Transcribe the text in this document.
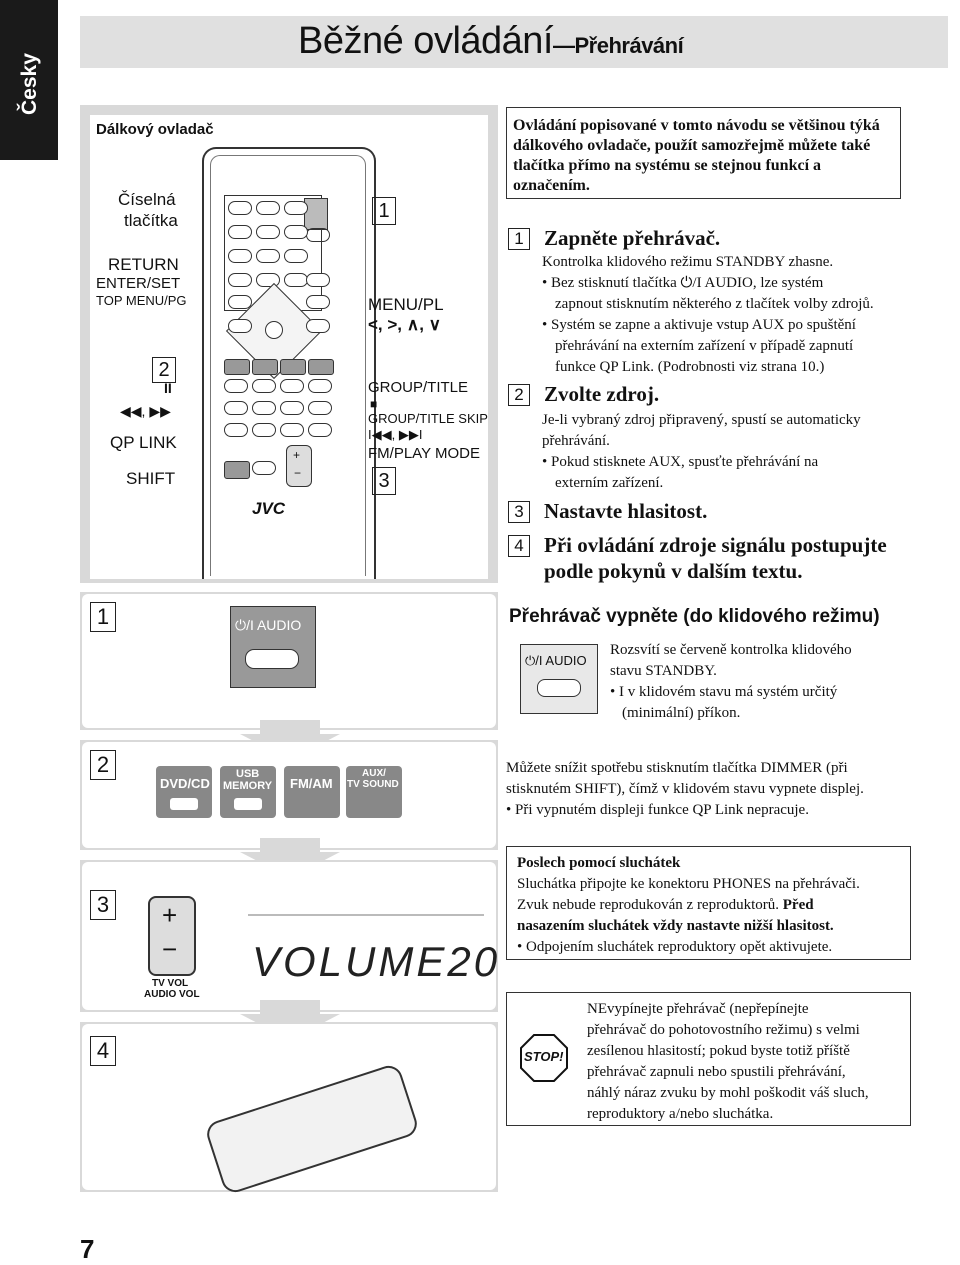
Česky
Běžné ovládání—Přehrávání
Dálkový ovladač
Číselná
tlačítka
RETURN
ENTER/SET
TOP MENU/PG
2
II
◀◀, ▶▶
QP LINK
SHIFT
+
−
JVC
1
MENU/PL
<, >, ∧, ∨
GROUP/TITLE
■
GROUP/TITLE SKIP
I◀◀, ▶▶I
FM/PLAY MODE
3
Ovládání popisované v tomto návodu se většinou týká dálkového ovladače, použít samozřejmě můžete také tlačítka přímo na systému se stejnou funkcí a označením.
1 Zapněte přehrávač.
Kontrolka klidového režimu STANDBY zhasne.
• Bez stisknutí tlačítka ⏻/I AUDIO, lze systém
zapnout stisknutím některého z tlačítek volby zdrojů.
• Systém se zapne a aktivuje vstup AUX po spuštění
přehrávání na externím zařízení v případě zapnutí
funkce QP Link. (Podrobnosti viz strana 10.)
2 Zvolte zdroj.
Je-li vybraný zdroj připravený, spustí se automaticky
přehrávání.
• Pokud stisknete AUX, spusťte přehrávání na
externím zařízení.
3 Nastavte hlasitost.
4 Při ovládání zdroje signálu postupujte
podle pokynů v dalším textu.
Přehrávač vypněte (do klidového režimu)
⏻/I AUDIO
Rozsvítí se červeně kontrolka klidového
stavu STANDBY.
• I v klidovém stavu má systém určitý
(minimální) příkon.
Můžete snížit spotřebu stisknutím tlačítka DIMMER (při
stisknutém SHIFT), čímž v klidovém stavu vypnete displej.
• Při vypnutém displeji funkce QP Link nepracuje.
Poslech pomocí sluchátek
Sluchátka připojte ke konektoru PHONES na přehrávači.
Zvuk nebude reprodukován z reproduktorů. Před
nasazením sluchátek vždy nastavte nižší hlasitost.
• Odpojením sluchátek reproduktory opět aktivujete.
STOP!
NEvypínejte přehrávač (nepřepínejte
přehrávač do pohotovostního režimu) s velmi
zesílenou hlasitostí; pokud byste totiž příště
přehrávač zapnuli nebo spustili přehrávání,
náhlý náraz zvuku by mohl poškodit váš sluch,
reproduktory a/nebo sluchátka.
1	⏻/I AUDIO
2
DVD/CD
USB
MEMORY FM/AM
AUX/
TV SOUND
3 +
−
TV VOL
AUDIO VOL
VOLUME20
4
7
